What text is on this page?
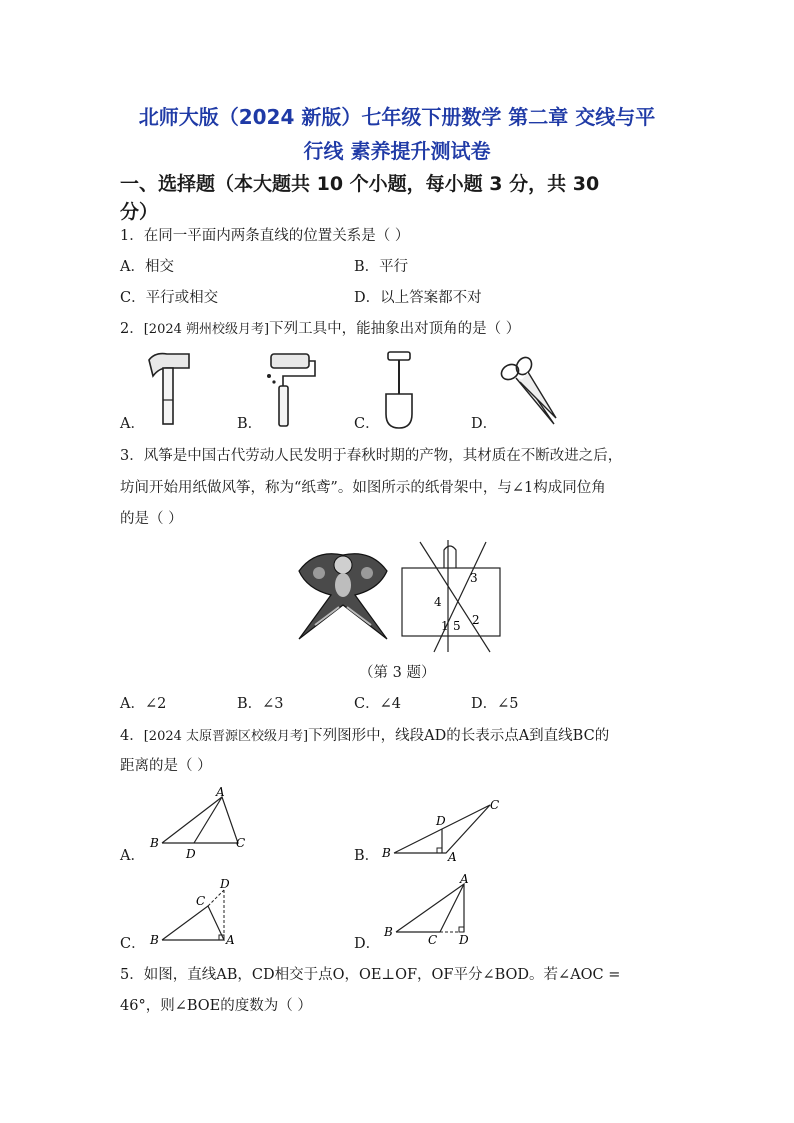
北师大版（2024 新版）七年级下册数学 第二章 交线与平
行线 素养提升测试卷
一、选择题（本大题共 10 个小题，每小题 3 分，共 30
分）
1．在同一平面内两条直线的位置关系是（ ）
A．相交	B．平行
C．平行或相交	D．以上答案都不对
2．[2024 朔州校级月考]下列工具中，能抽象出对顶角的是（ ）
A．	B．	C．	D．
3．风筝是中国古代劳动人民发明于春秋时期的产物，其材质在不断改进之后，
坊间开始用纸做风筝，称为“纸鸢”。如图所示的纸骨架中，与∠1构成同位角
的是（ ）
3
4
1 5 2
（第 3 题）
A．∠2	B．∠3	C．∠4	D．∠5
4．[2024 太原晋源区校级月考]下列图形中，线段AD的长表示点A到直线BC的
距离的是（ ）
A
B	C
D
A．
C
D
B	A
B．
D
C
B	A
C．
A
B
C D
D．
5．如图，直线AB，CD相交于点O，OE⊥OF，OF平分∠BOD。若∠AOC =
46°，则∠BOE的度数为（ ）
